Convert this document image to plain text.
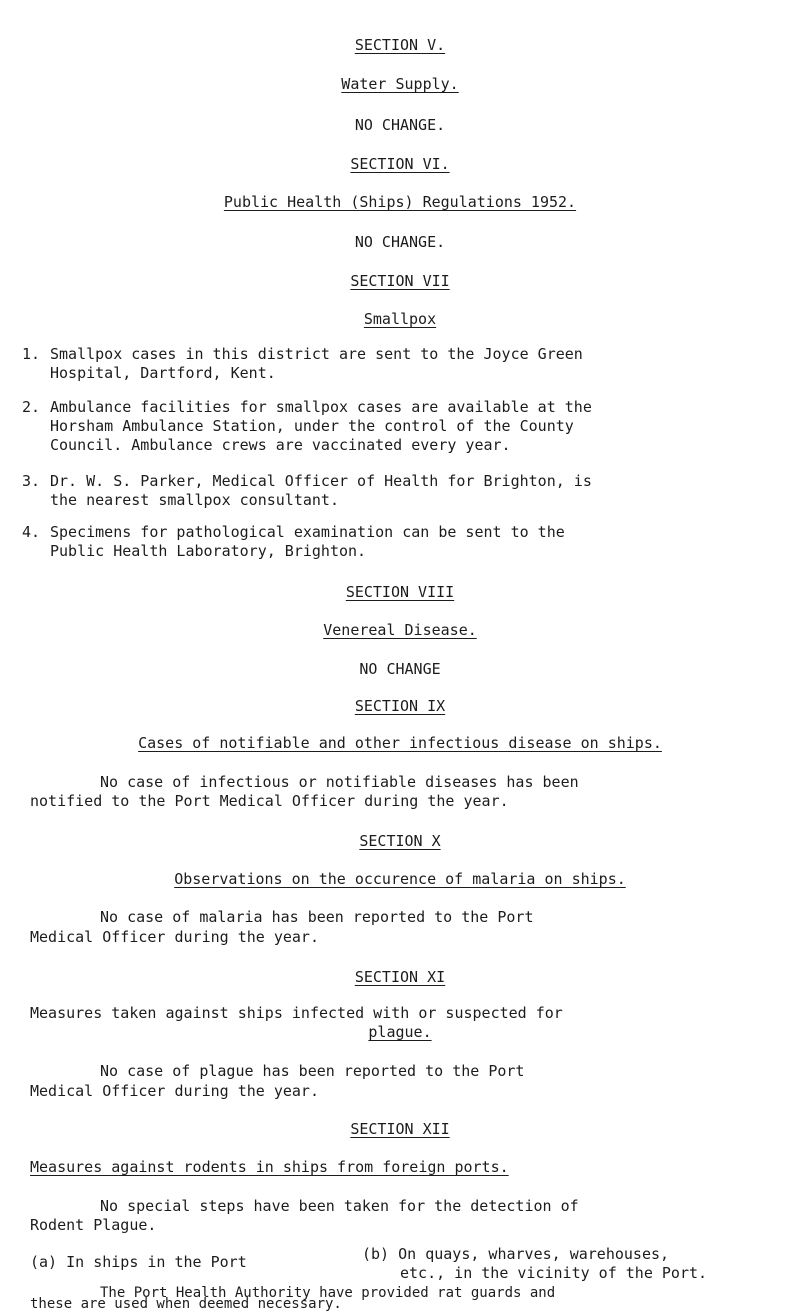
SECTION V.
Water Supply.
NO CHANGE.
SECTION VI.
Public Health (Ships) Regulations 1952.
NO CHANGE.
SECTION VII
Smallpox
1. Smallpox cases in this district are sent to the Joyce Green
Hospital, Dartford, Kent.
2. Ambulance facilities for smallpox cases are available at the
Horsham Ambulance Station, under the control of the County
Council. Ambulance crews are vaccinated every year.
3. Dr. W. S. Parker, Medical Officer of Health for Brighton, is
the nearest smallpox consultant.
4. Specimens for pathological examination can be sent to the
Public Health Laboratory, Brighton.
SECTION VIII
Venereal Disease.
NO CHANGE
SECTION IX
Cases of notifiable and other infectious disease on ships.
No case of infectious or notifiable diseases has been
notified to the Port Medical Officer during the year.
SECTION X
Observations on the occurence of malaria on ships.
No case of malaria has been reported to the Port
Medical Officer during the year.
SECTION XI
Measures taken against ships infected with or suspected for
plague.
No case of plague has been reported to the Port
Medical Officer during the year.
SECTION XII
Measures against rodents in ships from foreign ports.
No special steps have been taken for the detection of
Rodent Plague.
(a) In ships in the Port	(b) On quays, wharves, warehouses,
etc., in the vicinity of the Port.
The Port Health Authority have provided rat guards and
these are used when deemed necessary.
